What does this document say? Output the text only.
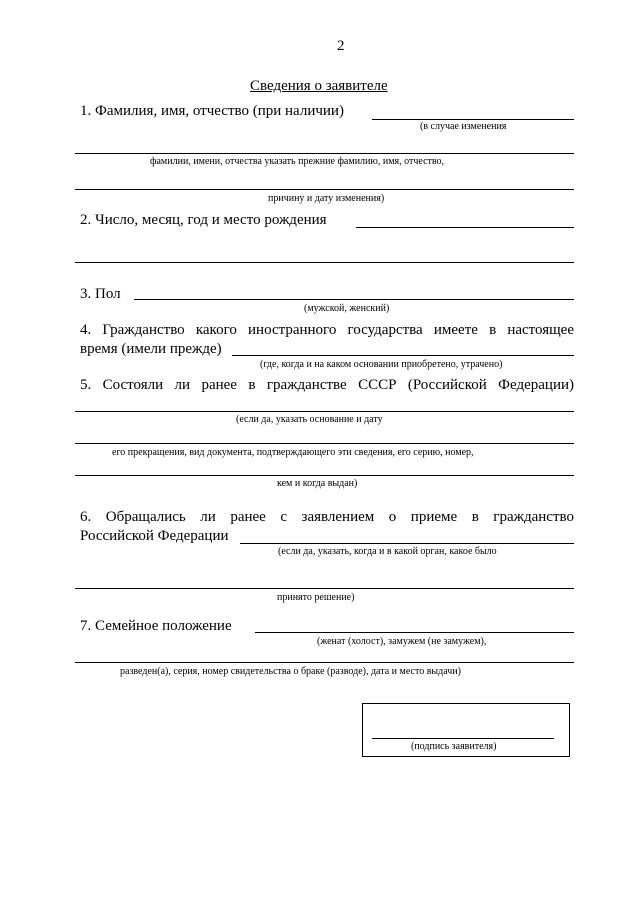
2
Сведения о заявителе
1. Фамилия, имя, отчество (при наличии)
(в случае изменения
фамилии, имени, отчества указать прежние фамилию, имя, отчество,
причину и дату изменения)
2. Число, месяц, год и место рождения
3. Пол
(мужской, женский)
4. Гражданство какого иностранного государства имеете в настоящее
время (имели прежде)
(где, когда и на каком основании приобретено, утрачено)
5. Состояли ли ранее в гражданстве СССР (Российской Федерации)
(если да, указать основание и дату
его прекращения, вид документа, подтверждающего эти сведения, его серию, номер,
кем и когда выдан)
6. Обращались ли ранее с заявлением о приеме в гражданство
Российской Федерации
(если да, указать, когда и в какой орган, какое было
принято решение)
7. Семейное положение
(женат (холост), замужем (не замужем),
разведен(а), серия, номер свидетельства о браке (разводе), дата и место выдачи)
(подпись заявителя)
